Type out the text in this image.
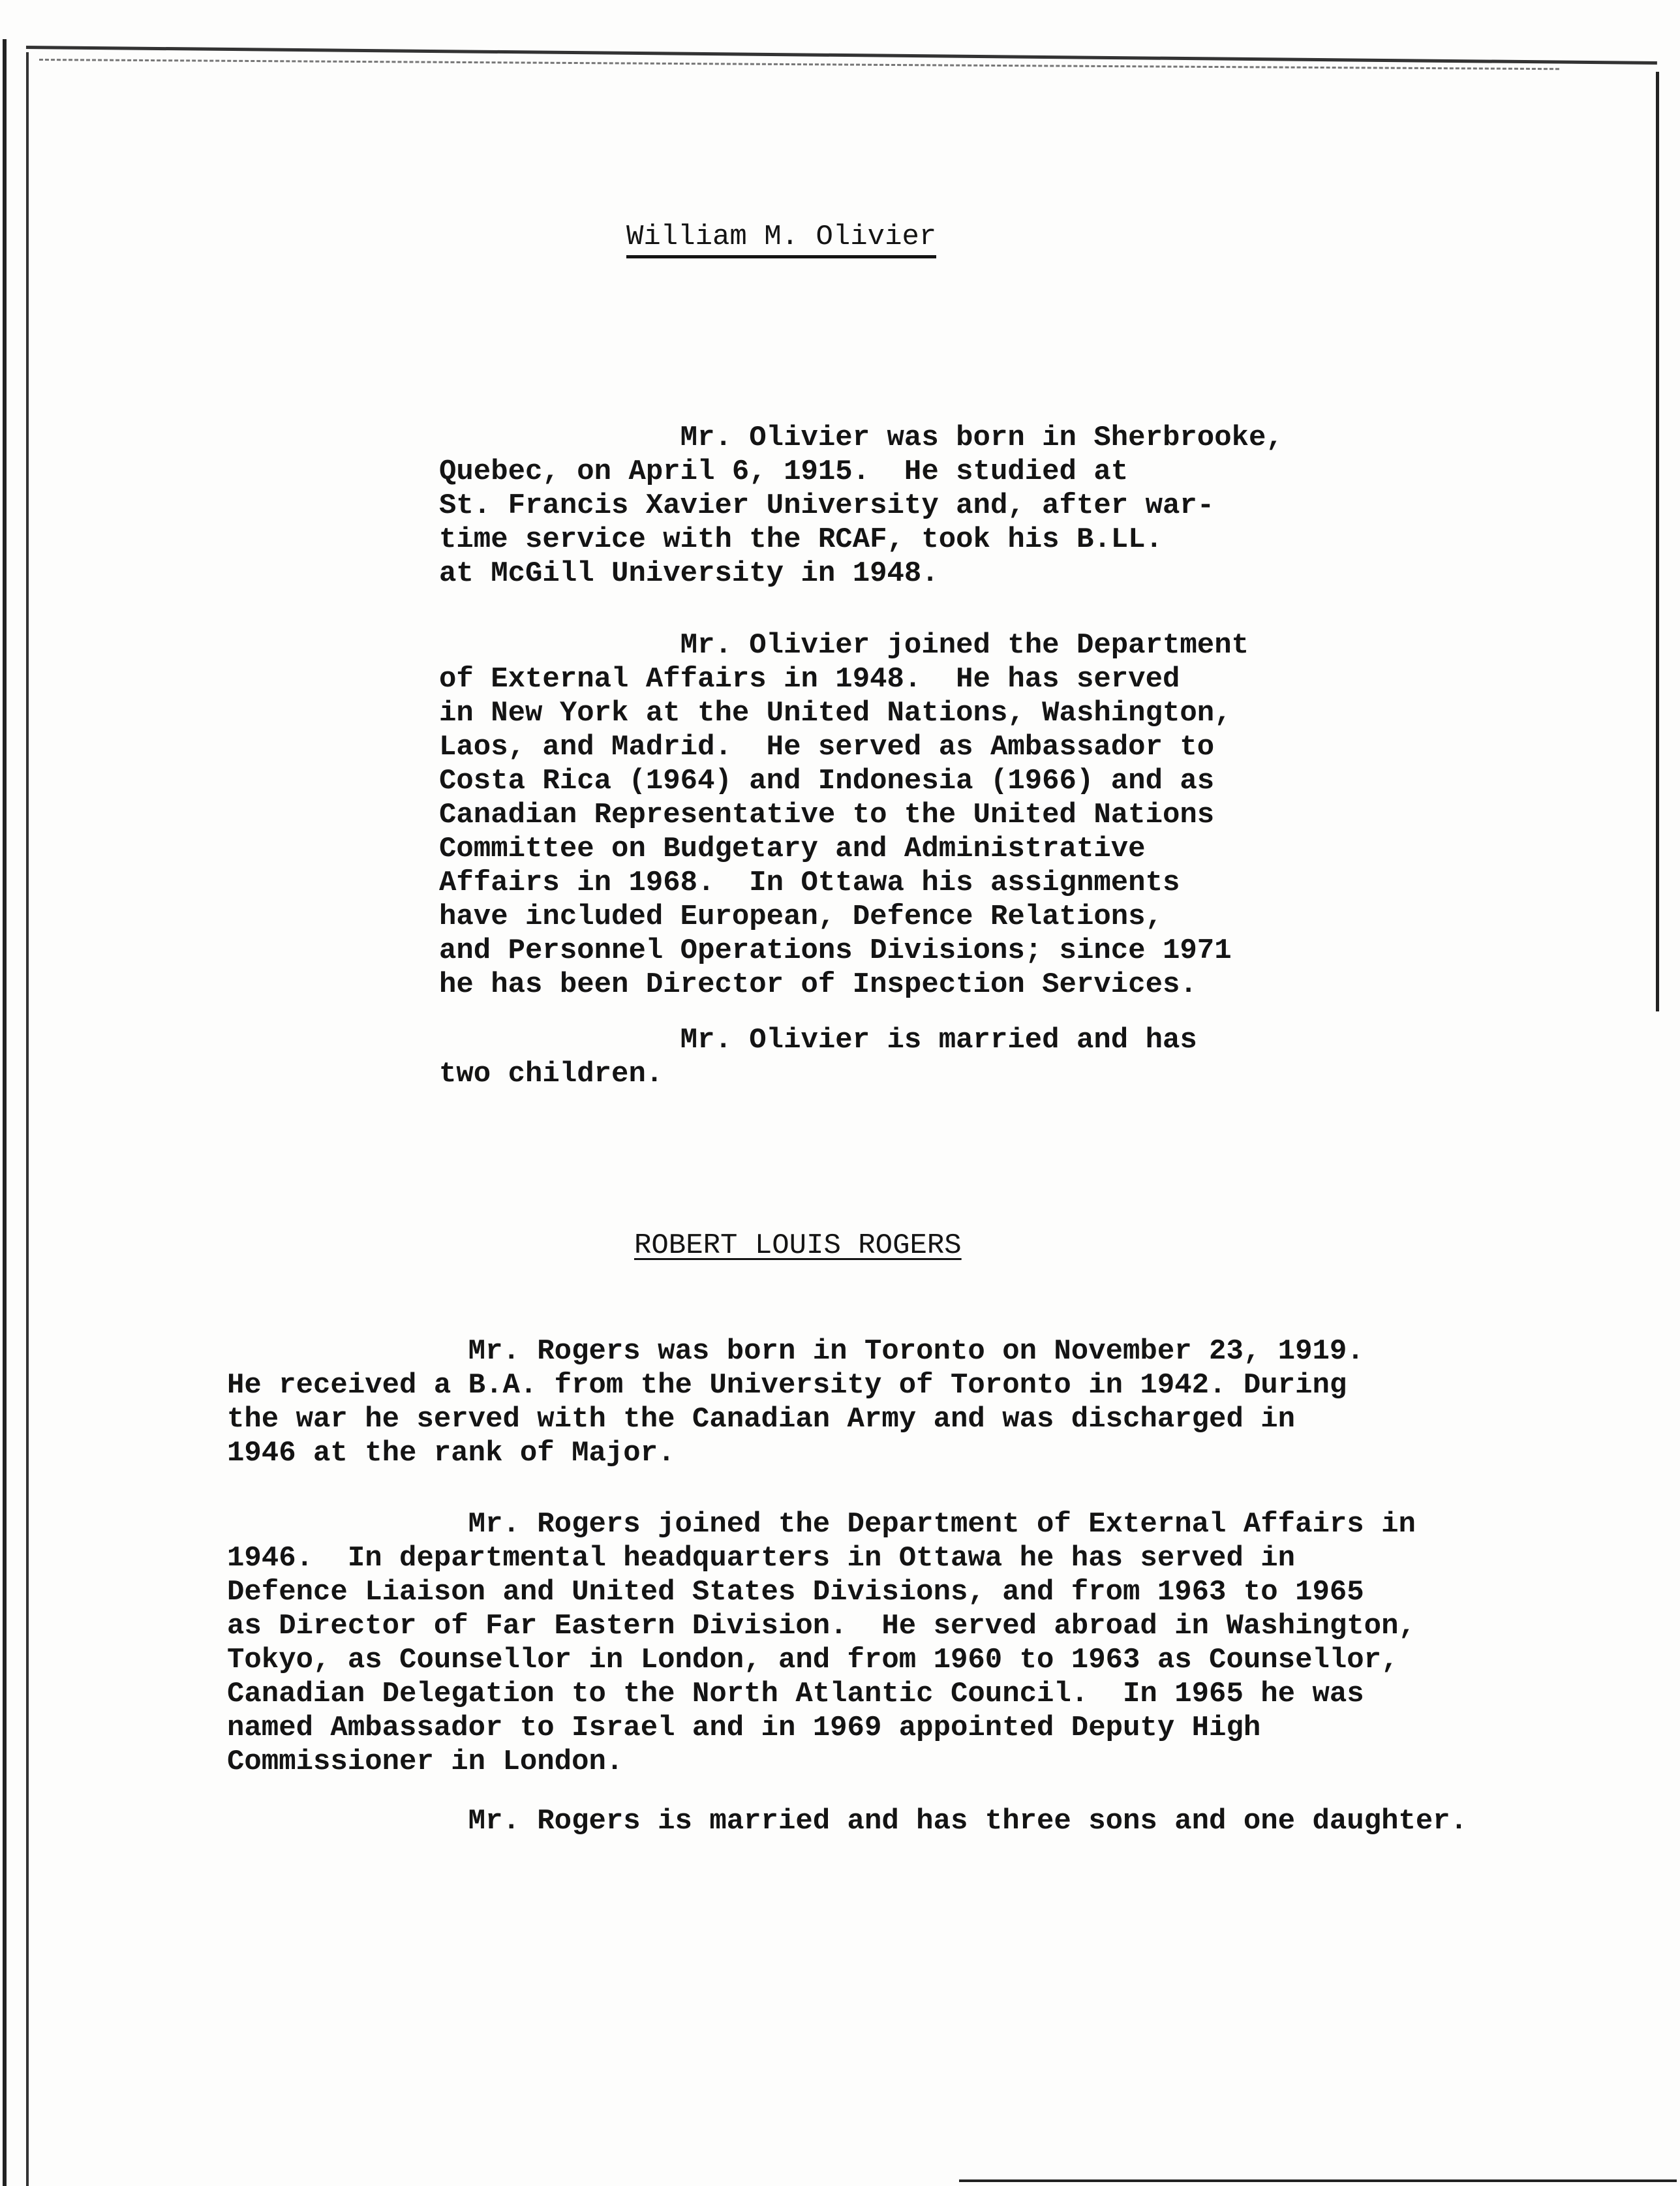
William M. Olivier

Mr. Olivier was born in Sherbrooke,
Quebec, on April 6, 1915.  He studied at
St. Francis Xavier University and, after war-
time service with the RCAF, took his B.LL.
at McGill University in 1948.

Mr. Olivier joined the Department
of External Affairs in 1948.  He has served
in New York at the United Nations, Washington,
Laos, and Madrid.  He served as Ambassador to
Costa Rica (1964) and Indonesia (1966) and as
Canadian Representative to the United Nations
Committee on Budgetary and Administrative
Affairs in 1968.  In Ottawa his assignments
have included European, Defence Relations,
and Personnel Operations Divisions; since 1971
he has been Director of Inspection Services.

Mr. Olivier is married and has
two children.

ROBERT LOUIS ROGERS

Mr. Rogers was born in Toronto on November 23, 1919.
He received a B.A. from the University of Toronto in 1942. During
the war he served with the Canadian Army and was discharged in
1946 at the rank of Major.

Mr. Rogers joined the Department of External Affairs in
1946.  In departmental headquarters in Ottawa he has served in
Defence Liaison and United States Divisions, and from 1963 to 1965
as Director of Far Eastern Division.  He served abroad in Washington,
Tokyo, as Counsellor in London, and from 1960 to 1963 as Counsellor,
Canadian Delegation to the North Atlantic Council.  In 1965 he was
named Ambassador to Israel and in 1969 appointed Deputy High
Commissioner in London.

Mr. Rogers is married and has three sons and one daughter.
